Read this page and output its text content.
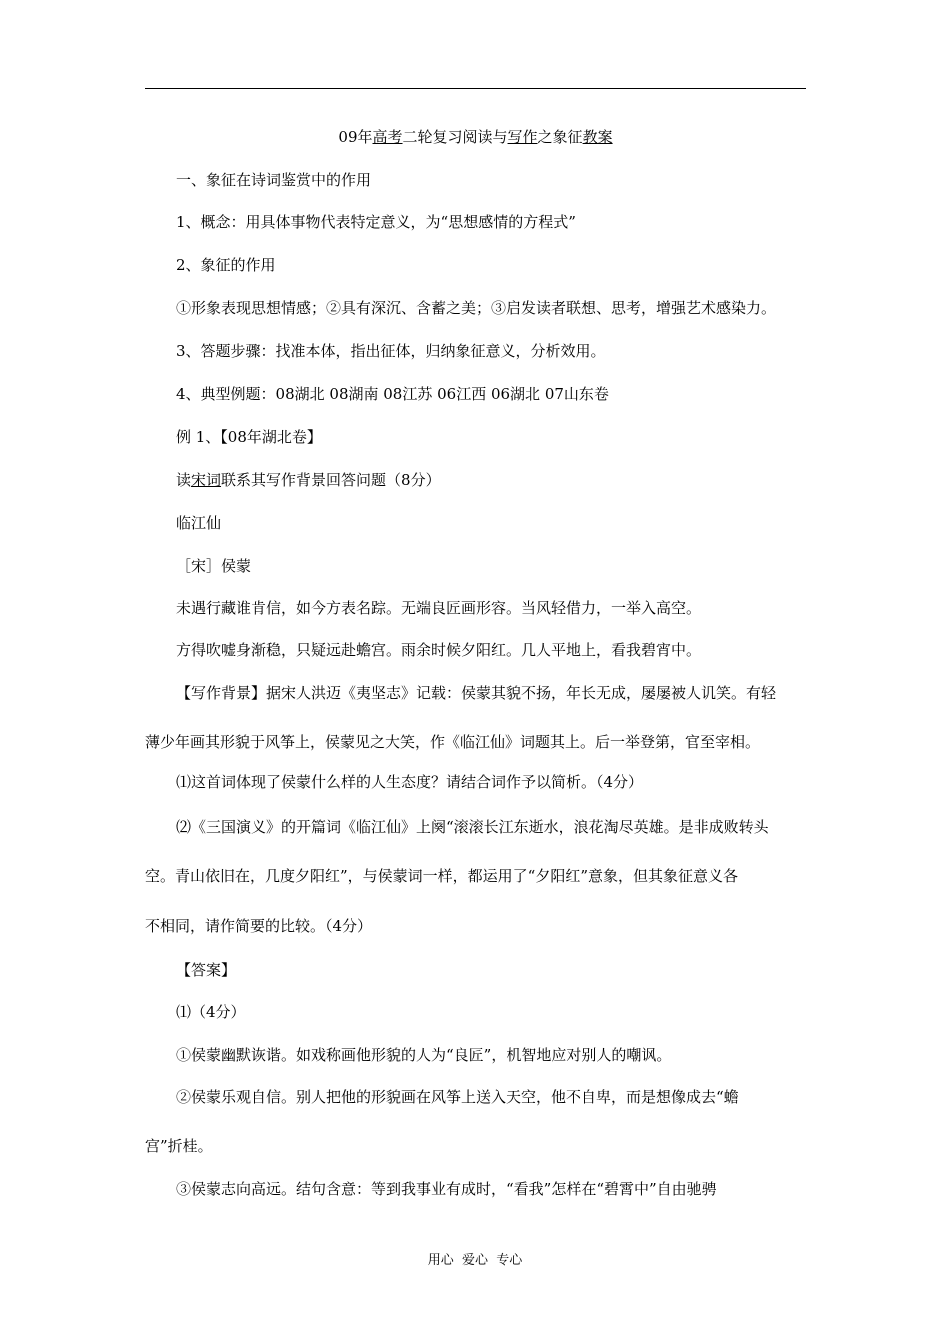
09年高考二轮复习阅读与写作之象征教案
一、象征在诗词鉴赏中的作用
1、概念：用具体事物代表特定意义，为“思想感情的方程式”
2、象征的作用
①形象表现思想情感；②具有深沉、含蓄之美；③启发读者联想、思考，增强艺术感染力。
3、答题步骤：找准本体，指出征体，归纳象征意义，分析效用。
4、典型例题：08湖北 08湖南 08江苏 06江西 06湖北 07山东卷
例 1、【08年湖北卷】
读宋词联系其写作背景回答问题（8分）
临江仙
［宋］侯蒙
未遇行藏谁肯信，如今方表名踪。无端良匠画形容。当风轻借力，一举入高空。
方得吹嘘身渐稳，只疑远赴蟾宫。雨余时候夕阳红。几人平地上，看我碧宵中。
【写作背景】据宋人洪迈《夷坚志》记载：侯蒙其貌不扬，年长无成，屡屡被人讥笑。有轻
薄少年画其形貌于风筝上，侯蒙见之大笑，作《临江仙》词题其上。后一举登第，官至宰相。
⑴这首词体现了侯蒙什么样的人生态度？请结合词作予以简析。（4分）
⑵《三国演义》的开篇词《临江仙》上阕“滚滚长江东逝水，浪花淘尽英雄。是非成败转头
空。青山依旧在，几度夕阳红”，与侯蒙词一样，都运用了“夕阳红”意象，但其象征意义各
不相同，请作简要的比较。（4分）
【答案】
⑴（4分）
①侯蒙幽默诙谐。如戏称画他形貌的人为“良匠”，机智地应对别人的嘲讽。
②侯蒙乐观自信。别人把他的形貌画在风筝上送入天空，他不自卑，而是想像成去“蟾
宫”折桂。
③侯蒙志向高远。结句含意：等到我事业有成时，“看我”怎样在“碧霄中”自由驰骋
用心  爱心  专心
